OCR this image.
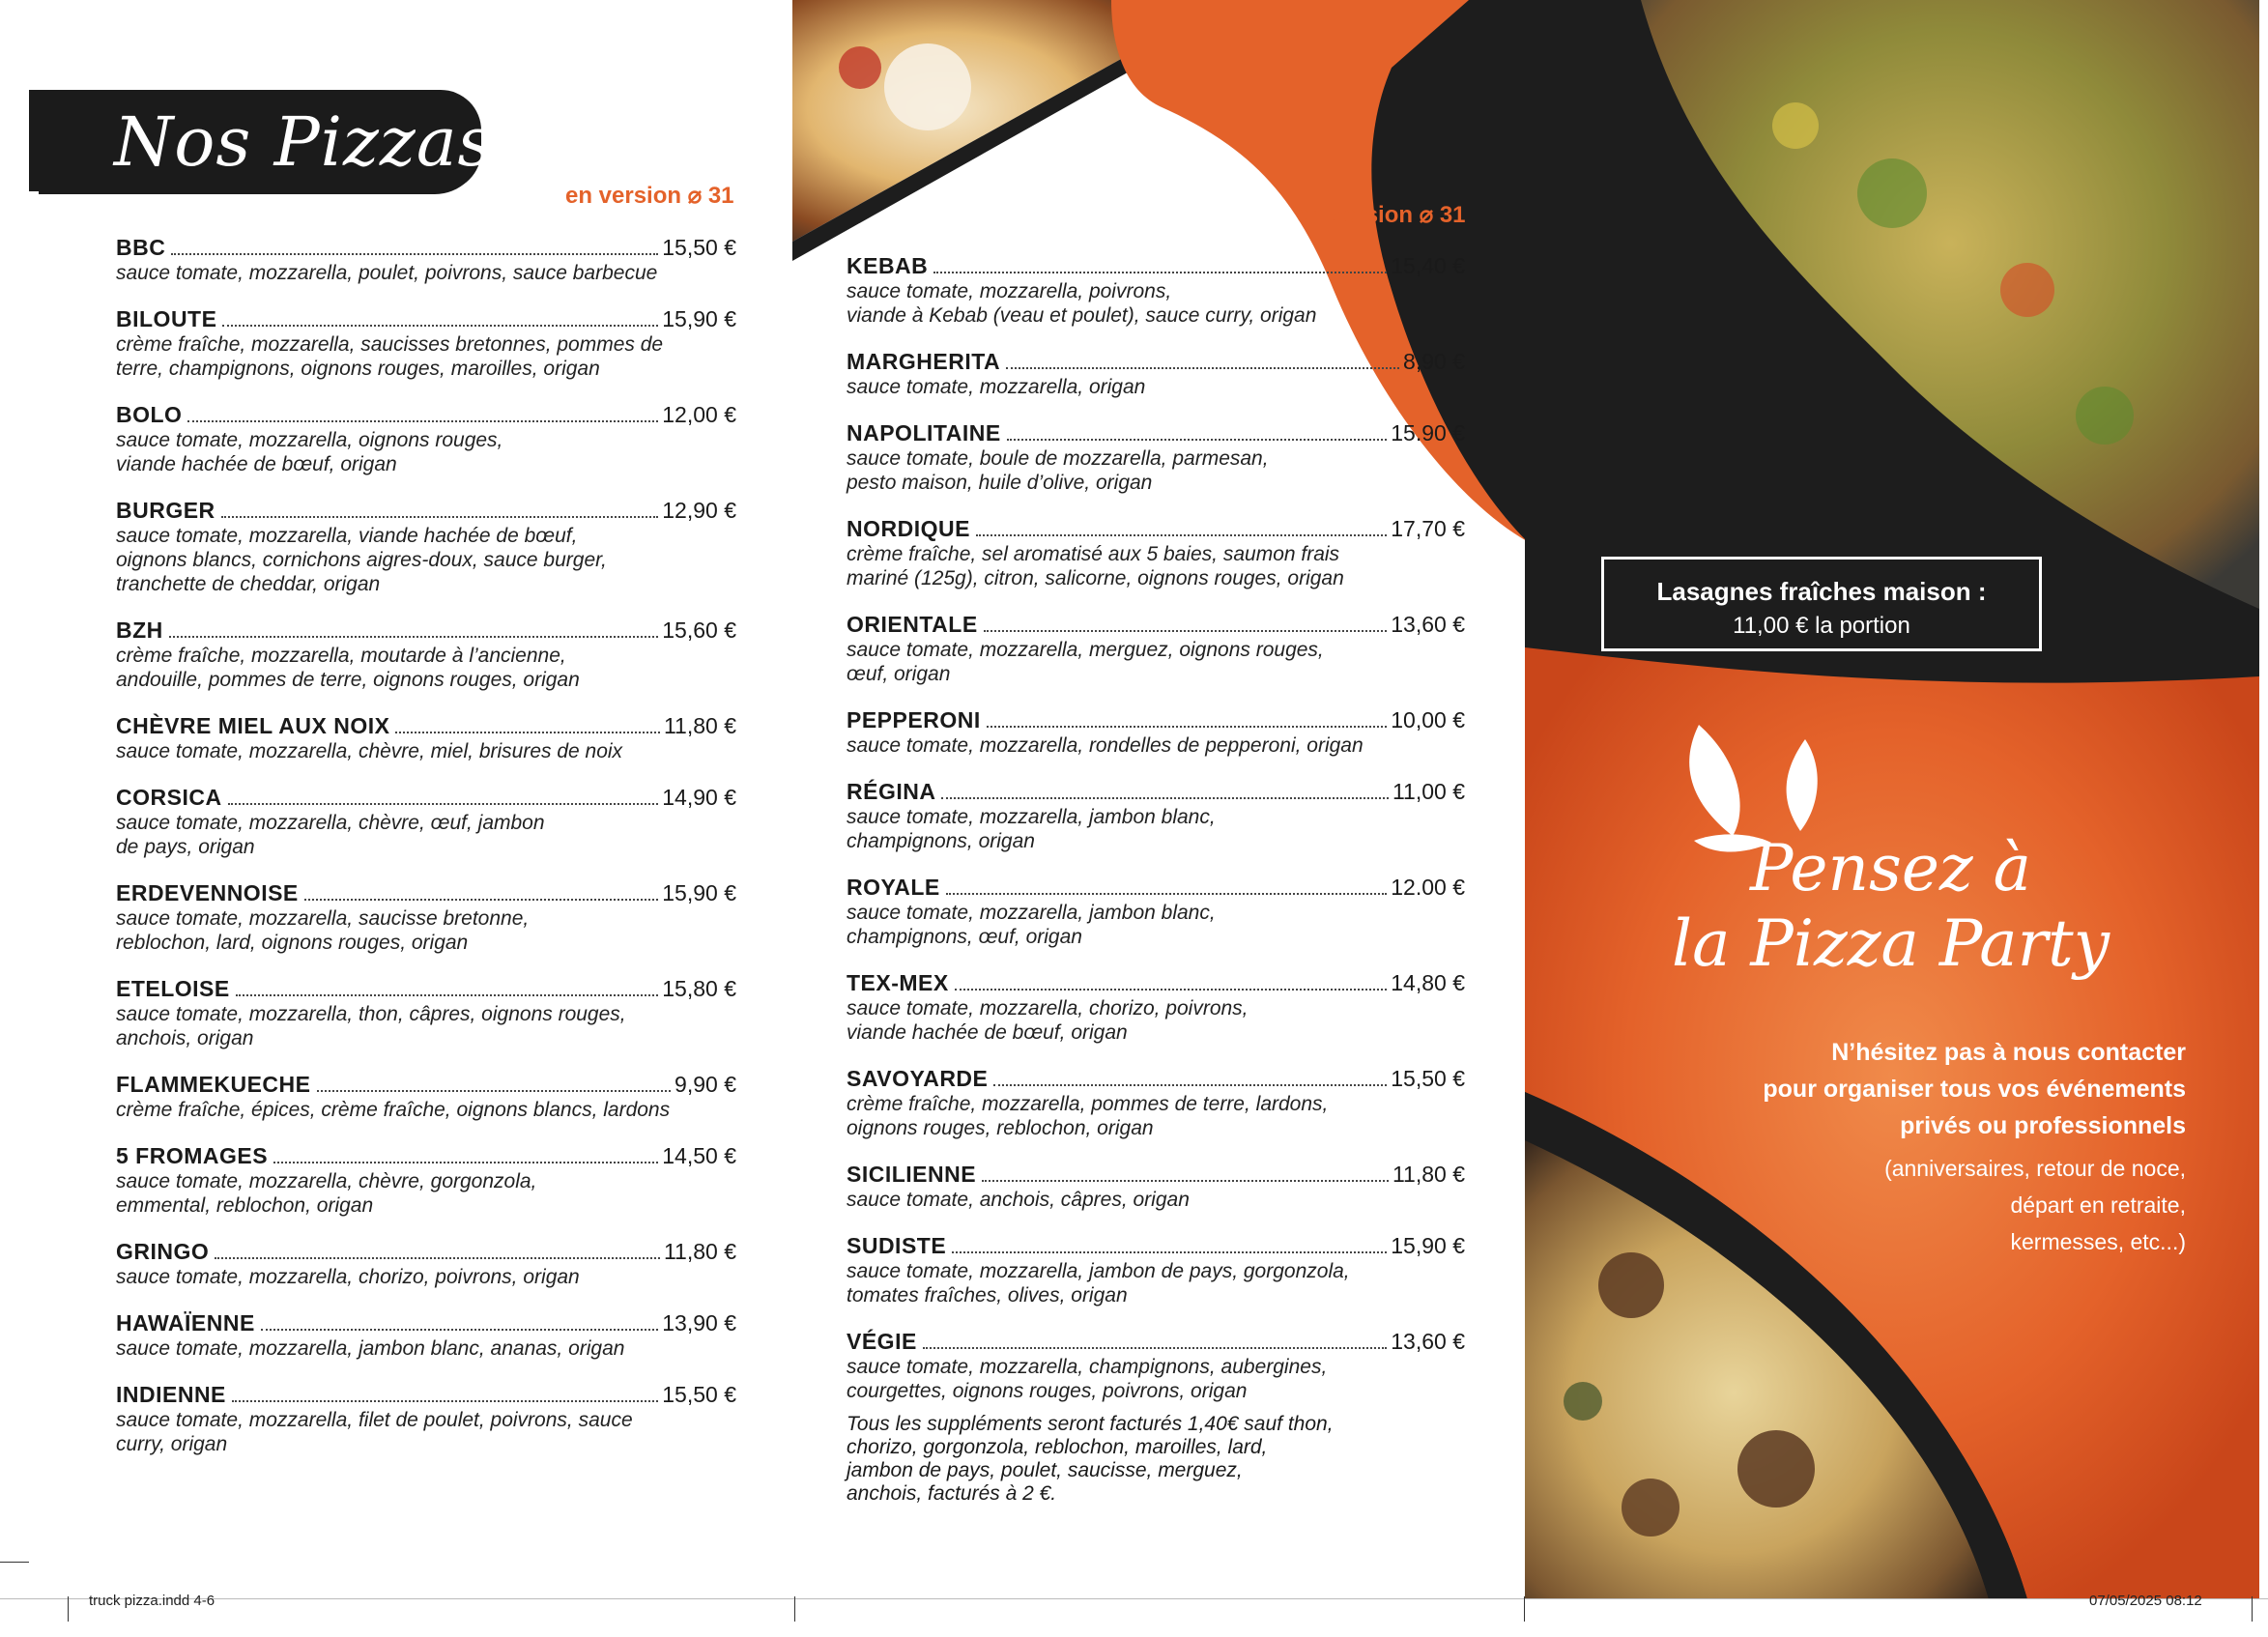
Nos Pizzas
en version ⌀ 31
BBC	15,50 €
sauce tomate, mozzarella, poulet, poivrons, sauce barbecue
BILOUTE	15,90 €
crème fraîche, mozzarella, saucisses bretonnes, pommes de
terre, champignons, oignons rouges, maroilles, origan
BOLO	12,00 €
sauce tomate, mozzarella, oignons rouges,
viande hachée de bœuf, origan
BURGER	12,90 €
sauce tomate, mozzarella, viande hachée de bœuf,
oignons blancs, cornichons aigres-doux, sauce burger,
tranchette de cheddar, origan
BZH	15,60 €
crème fraîche, mozzarella, moutarde à l’ancienne,
andouille, pommes de terre, oignons rouges, origan
CHÈVRE MIEL AUX NOIX	11,80 €
sauce tomate, mozzarella, chèvre, miel, brisures de noix
CORSICA	14,90 €
sauce tomate, mozzarella, chèvre, œuf, jambon
de pays, origan
ERDEVENNOISE	15,90 €
sauce tomate, mozzarella, saucisse bretonne,
reblochon, lard, oignons rouges, origan
ETELOISE	15,80 €
sauce tomate, mozzarella, thon, câpres, oignons rouges,
anchois, origan
FLAMMEKUECHE	9,90 €
crème fraîche, épices, crème fraîche, oignons blancs, lardons
5 FROMAGES	14,50 €
sauce tomate, mozzarella, chèvre, gorgonzola,
emmental, reblochon, origan
GRINGO	11,80 €
sauce tomate, mozzarella, chorizo, poivrons, origan
HAWAÏENNE	13,90 €
sauce tomate, mozzarella, jambon blanc, ananas, origan
INDIENNE	15,50 €
sauce tomate, mozzarella, filet de poulet, poivrons, sauce
curry, origan
en version ⌀ 31
KEBAB	15,40 €
sauce tomate, mozzarella, poivrons,
viande à Kebab (veau et poulet), sauce curry, origan
MARGHERITA	8,90 €
sauce tomate, mozzarella, origan
NAPOLITAINE	15.90 €
sauce tomate, boule de mozzarella, parmesan,
pesto maison, huile d’olive, origan
NORDIQUE	17,70 €
crème fraîche, sel aromatisé aux 5 baies, saumon frais
mariné (125g), citron, salicorne, oignons rouges, origan
ORIENTALE	13,60 €
sauce tomate, mozzarella, merguez, oignons rouges,
œuf, origan
PEPPERONI	10,00 €
sauce tomate, mozzarella, rondelles de pepperoni, origan
RÉGINA	11,00 €
sauce tomate, mozzarella, jambon blanc,
champignons, origan
ROYALE	12.00 €
sauce tomate, mozzarella, jambon blanc,
champignons, œuf, origan
TEX-MEX	14,80 €
sauce tomate, mozzarella, chorizo, poivrons,
viande hachée de bœuf, origan
SAVOYARDE	15,50 €
crème fraîche, mozzarella, pommes de terre, lardons,
oignons rouges, reblochon, origan
SICILIENNE	11,80 €
sauce tomate, anchois, câpres, origan
SUDISTE	15,90 €
sauce tomate, mozzarella, jambon de pays, gorgonzola,
tomates fraîches, olives, origan
VÉGIE	13,60 €
sauce tomate, mozzarella, champignons, aubergines,
courgettes, oignons rouges, poivrons, origan
Tous les suppléments seront facturés 1,40€ sauf thon,
chorizo, gorgonzola, reblochon, maroilles, lard,
jambon de pays, poulet, saucisse, merguez,
anchois, facturés à 2 €.
Lasagnes fraîches maison :
11,00 € la portion
Pensez à
la Pizza Party
N’hésitez pas à nous contacter
pour organiser tous vos événements
privés ou professionnels
(anniversaires, retour de noce,
départ en retraite,
kermesses, etc...)
truck pizza.indd 4-6	07/05/2025 08:12
